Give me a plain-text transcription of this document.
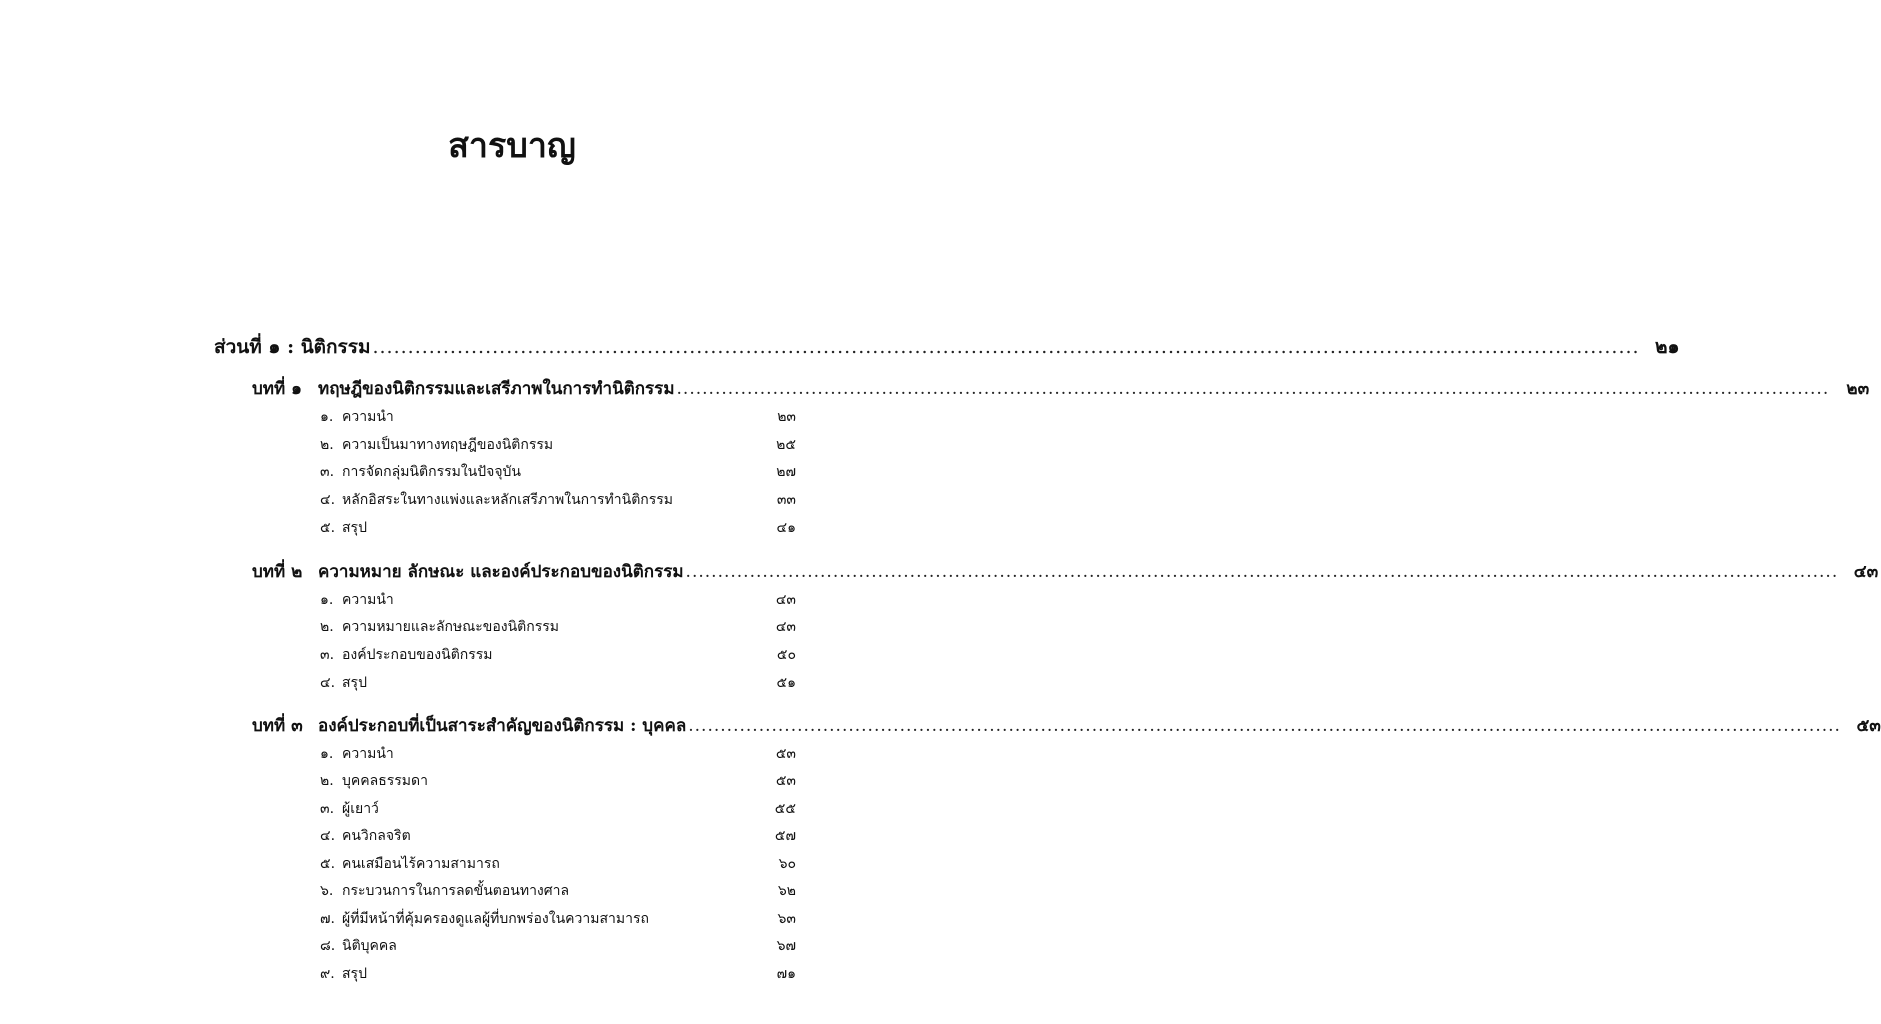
สารบาญ
ส่วนที่ ๑ : นิติกรรม .................................................................................................................................................................................... ๒๑
บทที่ ๑ ทฤษฎีของนิติกรรมและเสรีภาพในการทำนิติกรรม ....................................................................................................................................................................................	๒๓
๑. ความนำ	๒๓
๒. ความเป็นมาทางทฤษฎีของนิติกรรม	๒๕
๓. การจัดกลุ่มนิติกรรมในปัจจุบัน	๒๗
๔. หลักอิสระในทางแพ่งและหลักเสรีภาพในการทำนิติกรรม	๓๓
๕. สรุป	๔๑
บทที่ ๒ ความหมาย ลักษณะ และองค์ประกอบของนิติกรรม .................................................................................................................................................................................... ๔๓
๑. ความนำ	๔๓
๒. ความหมายและลักษณะของนิติกรรม	๔๓
๓. องค์ประกอบของนิติกรรม	๕๐
๔. สรุป	๕๑
บทที่ ๓ องค์ประกอบที่เป็นสาระสำคัญของนิติกรรม : บุคคล .................................................................................................................................................................................... ๕๓
๑. ความนำ	๕๓
๒. บุคคลธรรมดา	๕๓
๓. ผู้เยาว์	๕๕
๔. คนวิกลจริต	๕๗
๕. คนเสมือนไร้ความสามารถ	๖๐
๖. กระบวนการในการลดขั้นตอนทางศาล	๖๒
๗. ผู้ที่มีหน้าที่คุ้มครองดูแลผู้ที่บกพร่องในความสามารถ	๖๓
๘. นิติบุคคล	๖๗
๙. สรุป	๗๑
